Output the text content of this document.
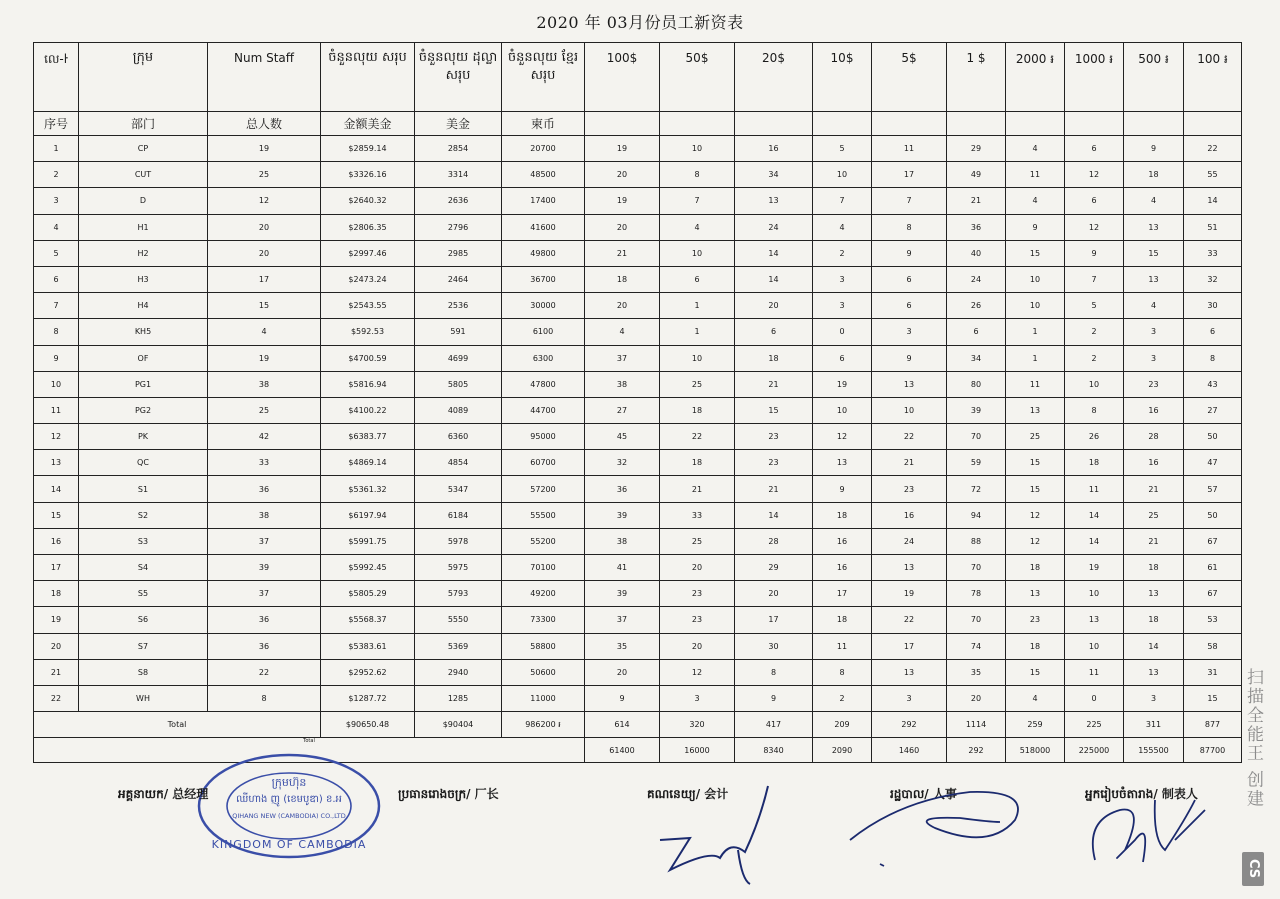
2020 年 03月份员工新资表
លេ-ŀ	ក្រុម	Num Staff	ចំនួនលុយ សរុប	ចំនួនលុយ ដុល្លាសរុប	ចំនួនលុយ ខ្មែរសរុប	100$	50$	20$	10$	5$	1 $	2000 ៛	1000 ៛	500 ៛	100 ៛
序号	部门	总人数	金额美金	美金	柬币										
1	CP	19	$2859.14	2854	20700	19	10	16	5	11	29	4	6	9	22
2	CUT	25	$3326.16	3314	48500	20	8	34	10	17	49	11	12	18	55
3	D	12	$2640.32	2636	17400	19	7	13	7	7	21	4	6	4	14
4	H1	20	$2806.35	2796	41600	20	4	24	4	8	36	9	12	13	51
5	H2	20	$2997.46	2985	49800	21	10	14	2	9	40	15	9	15	33
6	H3	17	$2473.24	2464	36700	18	6	14	3	6	24	10	7	13	32
7	H4	15	$2543.55	2536	30000	20	1	20	3	6	26	10	5	4	30
8	KH5	4	$592.53	591	6100	4	1	6	0	3	6	1	2	3	6
9	OF	19	$4700.59	4699	6300	37	10	18	6	9	34	1	2	3	8
10	PG1	38	$5816.94	5805	47800	38	25	21	19	13	80	11	10	23	43
11	PG2	25	$4100.22	4089	44700	27	18	15	10	10	39	13	8	16	27
12	PK	42	$6383.77	6360	95000	45	22	23	12	22	70	25	26	28	50
13	QC	33	$4869.14	4854	60700	32	18	23	13	21	59	15	18	16	47
14	S1	36	$5361.32	5347	57200	36	21	21	9	23	72	15	11	21	57
15	S2	38	$6197.94	6184	55500	39	33	14	18	16	94	12	14	25	50
16	S3	37	$5991.75	5978	55200	38	25	28	16	24	88	12	14	21	67
17	S4	39	$5992.45	5975	70100	41	20	29	16	13	70	18	19	18	61
18	S5	37	$5805.29	5793	49200	39	23	20	17	19	78	13	10	13	67
19	S6	36	$5568.37	5550	73300	37	23	17	18	22	70	23	13	18	53
20	S7	36	$5383.61	5369	58800	35	20	30	11	17	74	18	10	14	58
21	S8	22	$2952.62	2940	50600	20	12	8	8	13	35	15	11	13	31
22	WH	8	$1287.72	1285	11000	9	3	9	2	3	20	4	0	3	15
Total			$90650.48	$90404	986200 ៛	614	320	417	209	292	1114	259	225	311	877
Total						61400	16000	8340	2090	1460	292	518000	225000	155500	87700
ក្រុមហ៊ុន
ឈីហាង ញូ (ខេមបូឌា) ខ.អ
QIHANG NEW (CAMBODIA) CO.,LTD
KINGDOM OF CAMBODIA
អគ្គនាយក/ 总经理	ប្រធានរោងចក្រ/ 厂长	គណនេយ្យ/ 会计	រដ្ឋបាល/ 人事	អ្នករៀបចំតារាង/ 制表人	扫描全能王 创建
CS
